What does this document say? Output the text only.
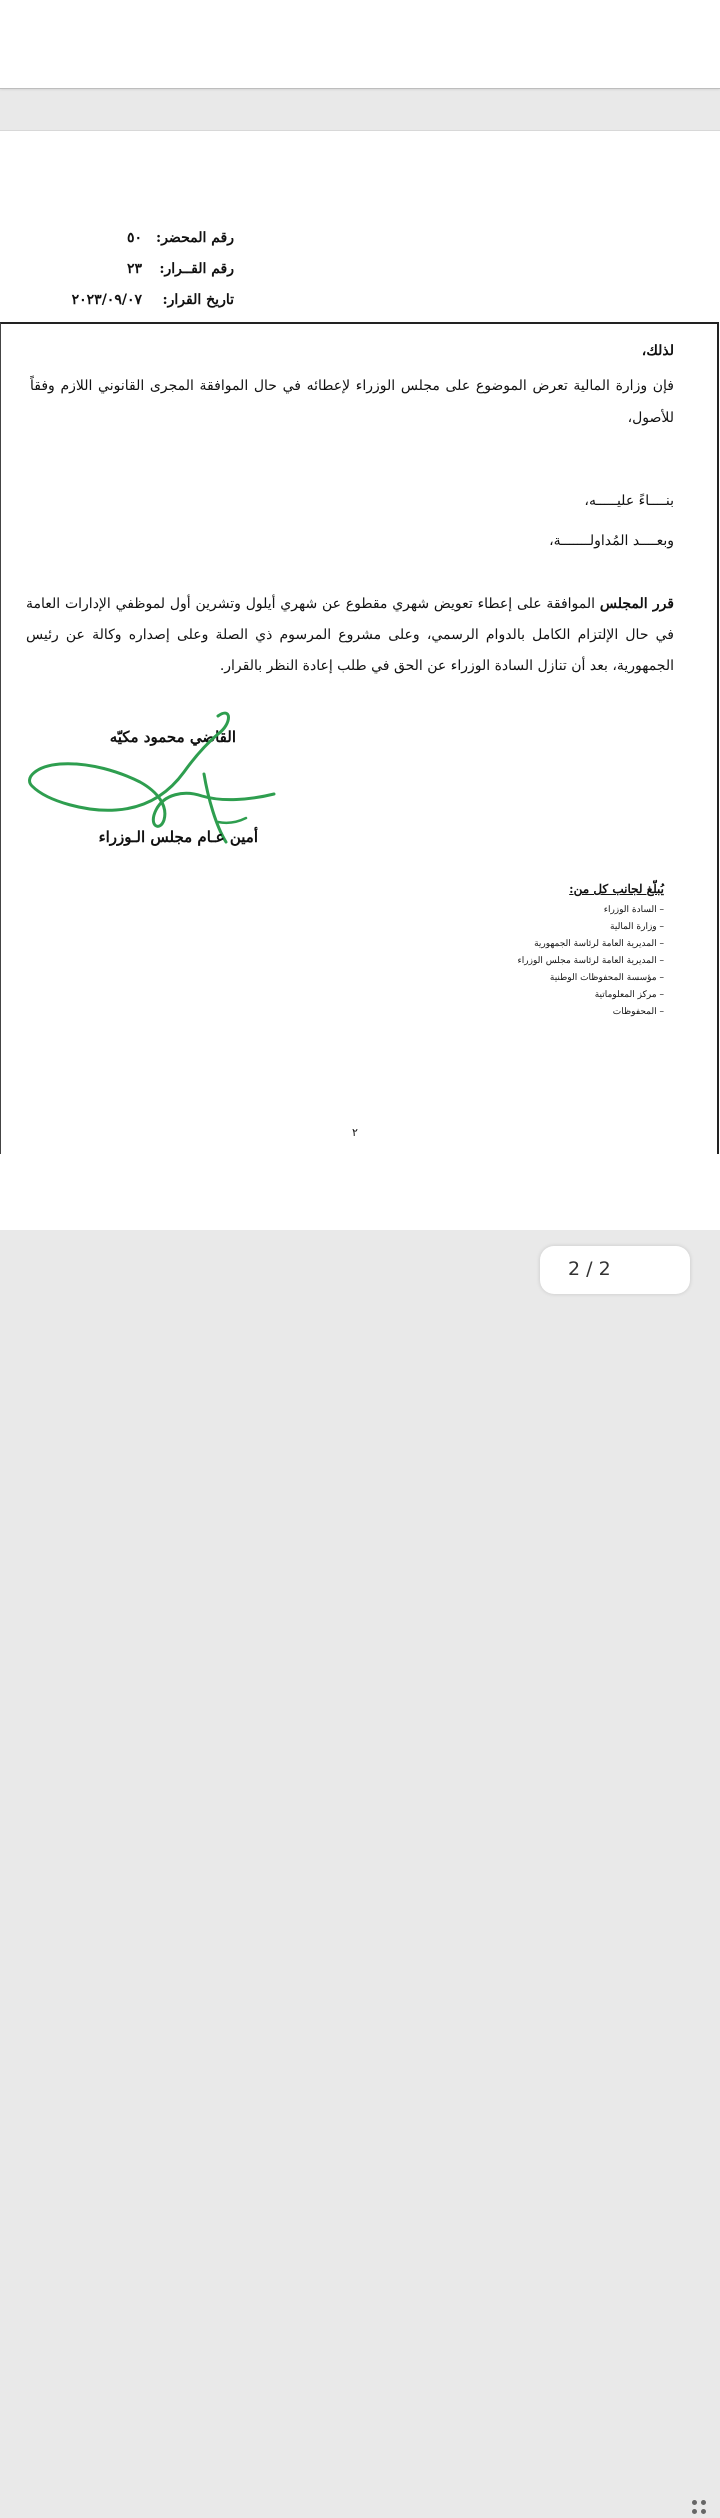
رقم المحضر:
٥٠
رقم القــرار:
٢٣
تاريخ القرار:
٢٠٢٣/٠٩/٠٧
لذلك،
فإن وزارة المالية تعرض الموضوع على مجلس الوزراء لإعطائه في حال الموافقة المجرى القانوني اللازم وفقاً للأصول،
بنــــاءً عليـــــه،
وبعــــد المُداولـــــــة،
قرر المجلس الموافقة على إعطاء تعويض شهري مقطوع عن شهري أيلول وتشرين أول لموظفي الإدارات العامة في حال الإلتزام الكامل بالدوام الرسمي، وعلى مشروع المرسوم ذي الصلة وعلى إصداره وكالة عن رئيس الجمهورية، بعد أن تنازل السادة الوزراء عن الحق في طلب إعادة النظر بالقرار.
القاضي محمود مكيّه
أمين عـام مجلس الـوزراء
يُبلّغ لجانب كل من:
– السادة الوزراء
– وزارة المالية
– المديرية العامة لرئاسة الجمهورية
– المديرية العامة لرئاسة مجلس الوزراء
– مؤسسة المحفوظات الوطنية
– مركز المعلوماتية
– المحفوظات
٢
2 / 2
